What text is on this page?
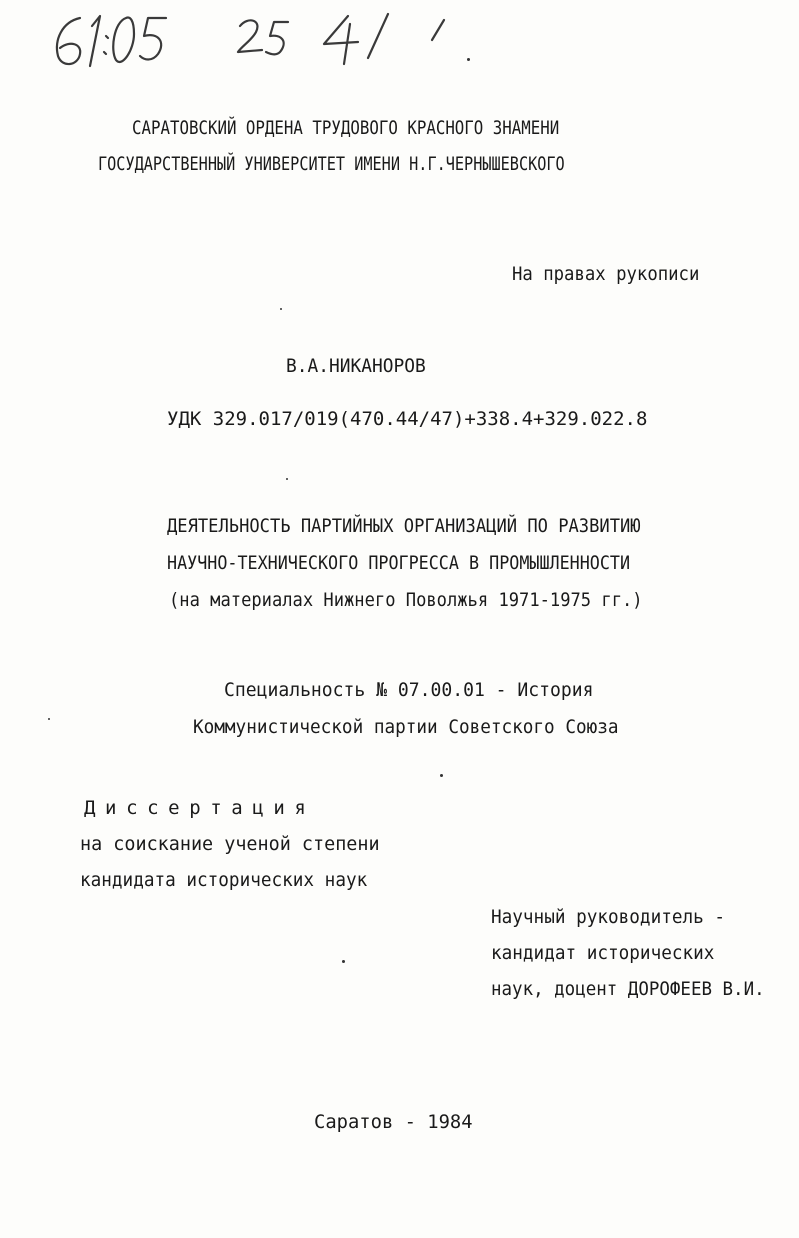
САРАТОВСКИЙ ОРДЕНА ТРУДОВОГО КРАСНОГО ЗНАМЕНИ
ГОСУДАРСТВЕННЫЙ УНИВЕРСИТЕТ ИМЕНИ Н.Г.ЧЕРНЫШЕВСКОГО
На правах рукописи
В.А.НИКАНОРОВ
УДК 329.017/019(470.44/47)+338.4+329.022.8
ДЕЯТЕЛЬНОСТЬ ПАРТИЙНЫХ ОРГАНИЗАЦИЙ ПО РАЗВИТИЮ
НАУЧНО-ТЕХНИЧЕСКОГО ПРОГРЕССА В ПРОМЫШЛЕННОСТИ
(на материалах Нижнего Поволжья 1971-1975 гг.)
Специальность № 07.00.01 - История
Коммунистической партии Советского Союза
Диссертация
на соискание ученой степени
кандидата исторических наук
Научный руководитель -
кандидат исторических
наук, доцент ДОРОФЕЕВ В.И.
Саратов - 1984
